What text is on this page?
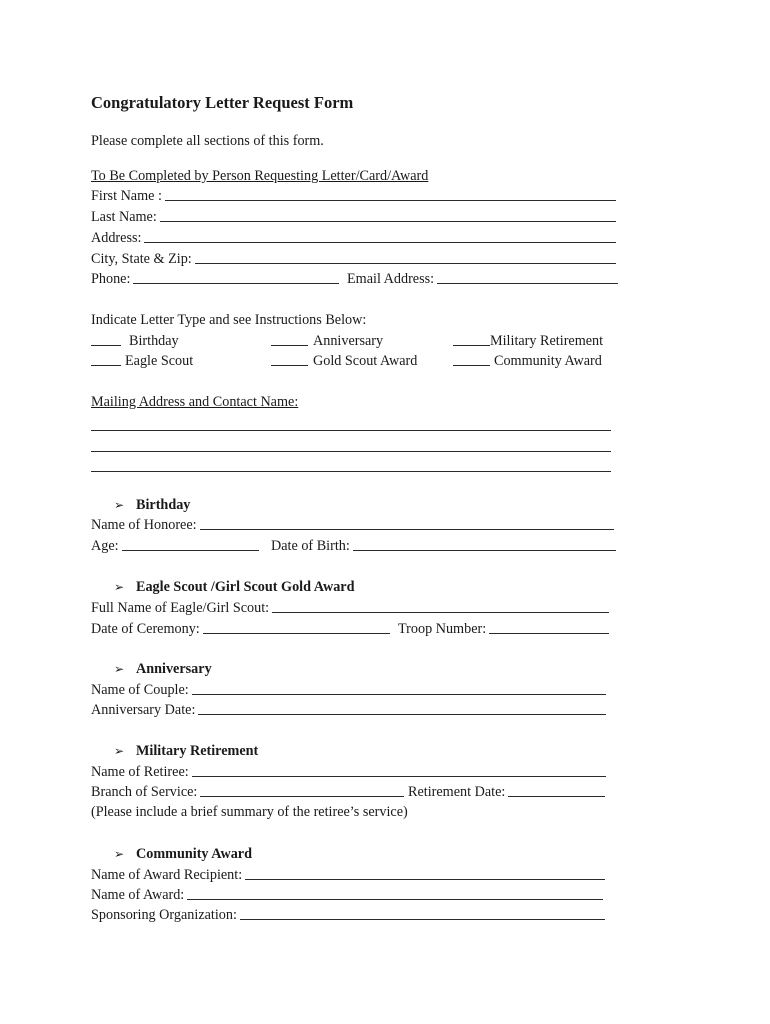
Congratulatory Letter Request Form
Please complete all sections of this form.
To Be Completed by Person Requesting Letter/Card/Award
First Name :
Last Name:
Address:
City, State & Zip:
Phone:	Email Address:
Indicate Letter Type and see Instructions Below:
Birthday	Anniversary	Military Retirement
Eagle Scout	Gold Scout Award	Community Award
Mailing Address and Contact Name:
➢ Birthday
Name of Honoree:
Age:	Date of Birth:
➢ Eagle Scout /Girl Scout Gold Award
Full Name of Eagle/Girl Scout:
Date of Ceremony:	Troop Number:
➢ Anniversary
Name of Couple:
Anniversary Date:
➢ Military Retirement
Name of Retiree:
Branch of Service:	Retirement Date:
(Please include a brief summary of the retiree’s service)
➢ Community Award
Name of Award Recipient:
Name of Award:
Sponsoring Organization:
